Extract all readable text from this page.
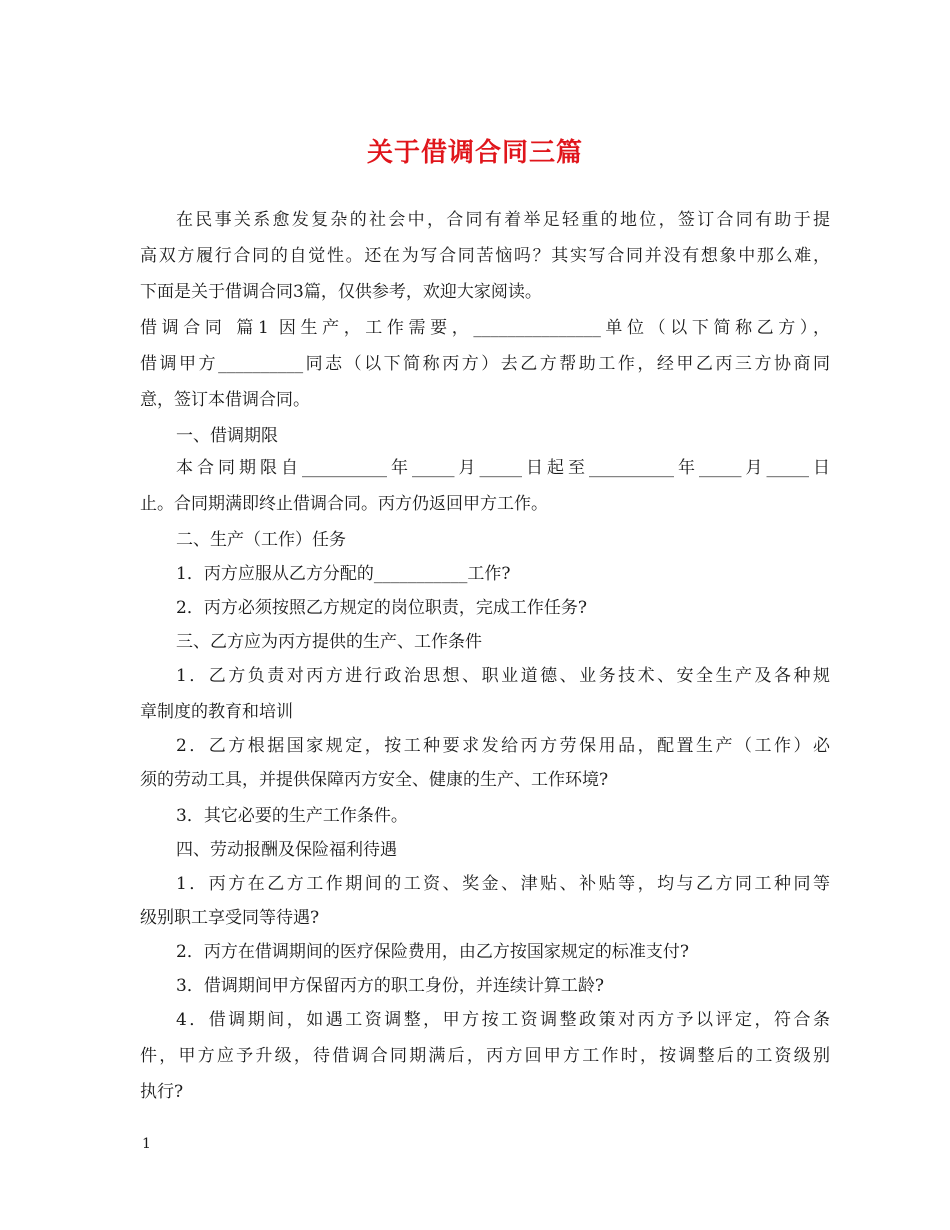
关于借调合同三篇
在民事关系愈发复杂的社会中，合同有着举足轻重的地位，签订合同有助于提
高双方履行合同的自觉性。还在为写合同苦恼吗？其实写合同并没有想象中那么难，
下面是关于借调合同3篇，仅供参考，欢迎大家阅读。
借调合同 篇1 因生产，工作需要，_______________单位（以下简称乙方），
借调甲方__________同志（以下简称丙方）去乙方帮助工作，经甲乙丙三方协商同
意，签订本借调合同。
一、借调期限
本合同期限自__________年_____月_____日起至__________年_____月_____日
止。合同期满即终止借调合同。丙方仍返回甲方工作。
二、生产（工作）任务
1．丙方应服从乙方分配的___________工作?
2．丙方必须按照乙方规定的岗位职责，完成工作任务?
三、乙方应为丙方提供的生产、工作条件
1．乙方负责对丙方进行政治思想、职业道德、业务技术、安全生产及各种规
章制度的教育和培训
2．乙方根据国家规定，按工种要求发给丙方劳保用品，配置生产（工作）必
须的劳动工具，并提供保障丙方安全、健康的生产、工作环境?
3．其它必要的生产工作条件。
四、劳动报酬及保险福利待遇
1．丙方在乙方工作期间的工资、奖金、津贴、补贴等，均与乙方同工种同等
级别职工享受同等待遇?
2．丙方在借调期间的医疗保险费用，由乙方按国家规定的标准支付?
3．借调期间甲方保留丙方的职工身份，并连续计算工龄?
4．借调期间，如遇工资调整，甲方按工资调整政策对丙方予以评定，符合条
件，甲方应予升级，待借调合同期满后，丙方回甲方工作时，按调整后的工资级别
执行?
1
